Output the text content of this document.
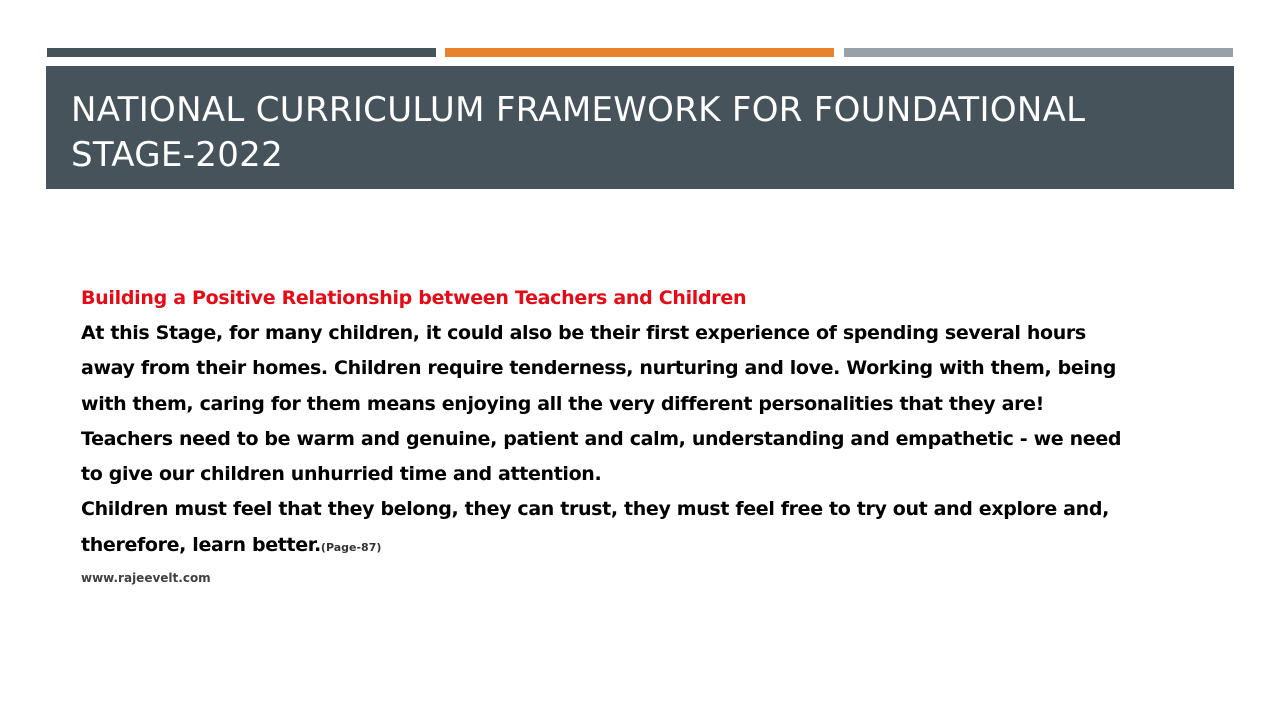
NATIONAL CURRICULUM FRAMEWORK FOR FOUNDATIONAL STAGE-2022

Building a Positive Relationship between Teachers and Children

At this Stage, for many children, it could also be their first experience of spending several hours away from their homes. Children require tenderness, nurturing and love. Working with them, being with them, caring for them means enjoying all the very different personalities that they are!

Teachers need to be warm and genuine, patient and calm, understanding and empathetic - we need to give our children unhurried time and attention.

Children must feel that they belong, they can trust, they must feel free to try out and explore and, therefore, learn better.(Page-87)

www.rajeevelt.com
